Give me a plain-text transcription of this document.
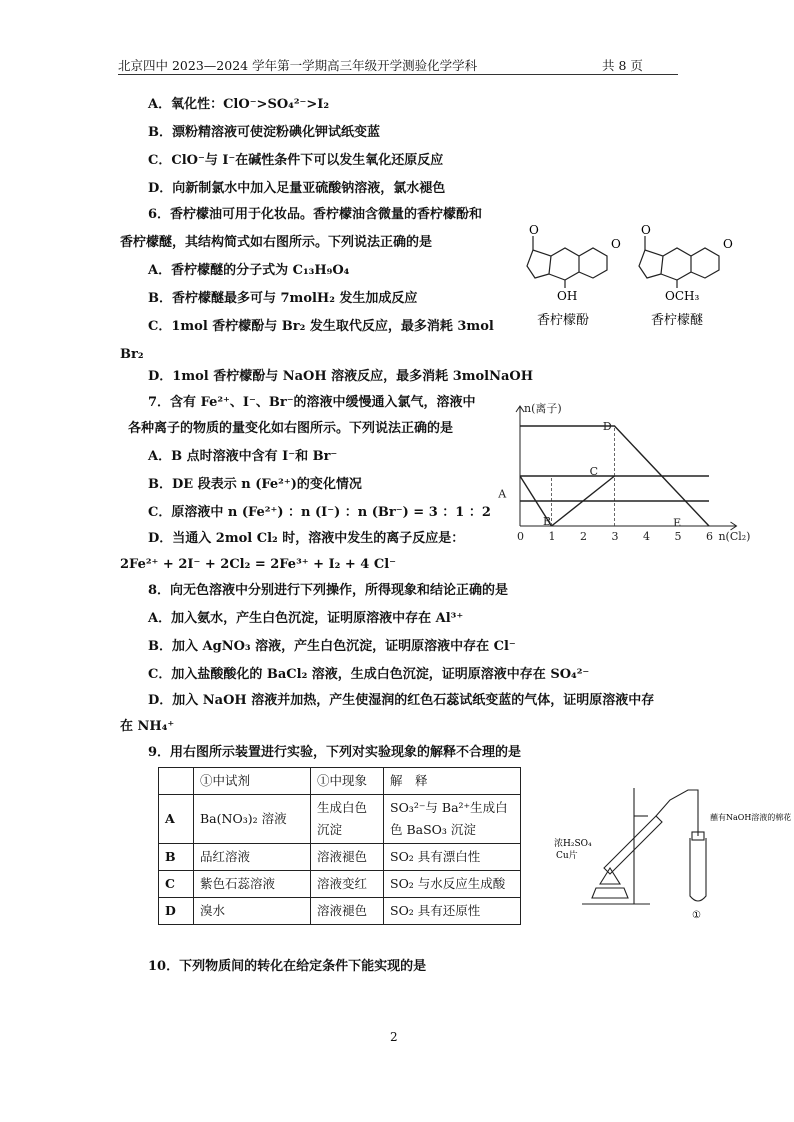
北京四中 2023—2024 学年第一学期高三年级开学测验化学学科	共 8 页
A．氧化性：ClO⁻>SO₄²⁻>I₂
B．漂粉精溶液可使淀粉碘化钾试纸变蓝
C．ClO⁻与 I⁻在碱性条件下可以发生氧化还原反应
D．向新制氯水中加入足量亚硫酸钠溶液，氯水褪色
6．香柠檬油可用于化妆品。香柠檬油含微量的香柠檬酚和
香柠檬醚，其结构简式如右图所示。下列说法正确的是
A．香柠檬醚的分子式为 C₁₃H₉O₄
B．香柠檬醚最多可与 7molH₂ 发生加成反应
C．1mol 香柠檬酚与 Br₂ 发生取代反应，最多消耗 3mol
Br₂
D．1mol 香柠檬酚与 NaOH 溶液反应，最多消耗 3molNaOH
O
O
OH
香柠檬酚
O
O
OCH₃
香柠檬醚
7．含有 Fe²⁺、I⁻、Br⁻的溶液中缓慢通入氯气，溶液中
各种离子的物质的量变化如右图所示。下列说法正确的是
A．B 点时溶液中含有 I⁻和 Br⁻
B．DE 段表示 n (Fe²⁺)的变化情况
C．原溶液中 n (Fe²⁺) ：n (I⁻) ：n (Br⁻) = 3 ：1 ：2
D．当通入 2mol Cl₂ 时，溶液中发生的离子反应是：
2Fe²⁺ + 2I⁻ + 2Cl₂ = 2Fe³⁺ + I₂ + 4 Cl⁻
0 1 2 3 4 5 6
n(离子)
n(Cl₂)
A
B
C
D
E
8．向无色溶液中分别进行下列操作，所得现象和结论正确的是
A．加入氨水，产生白色沉淀，证明原溶液中存在 Al³⁺
B．加入 AgNO₃ 溶液，产生白色沉淀，证明原溶液中存在 Cl⁻
C．加入盐酸酸化的 BaCl₂ 溶液，生成白色沉淀，证明原溶液中存在 SO₄²⁻
D．加入 NaOH 溶液并加热，产生使湿润的红色石蕊试纸变蓝的气体，证明原溶液中存
在 NH₄⁺
9．用右图所示装置进行实验，下列对实验现象的解释不合理的是
	①中试剂	①中现象	解　释
A	Ba(NO₃)₂ 溶液	生成白色沉淀	SO₃²⁻与 Ba²⁺生成白色 BaSO₃ 沉淀
B	品红溶液	溶液褪色	SO₂ 具有漂白性
C	紫色石蕊溶液	溶液变红	SO₂ 与水反应生成酸
D	溴水	溶液褪色	SO₂ 具有还原性
浓H₂SO₄
Cu片
蘸有NaOH溶液的棉花
①
10．下列物质间的转化在给定条件下能实现的是
2
